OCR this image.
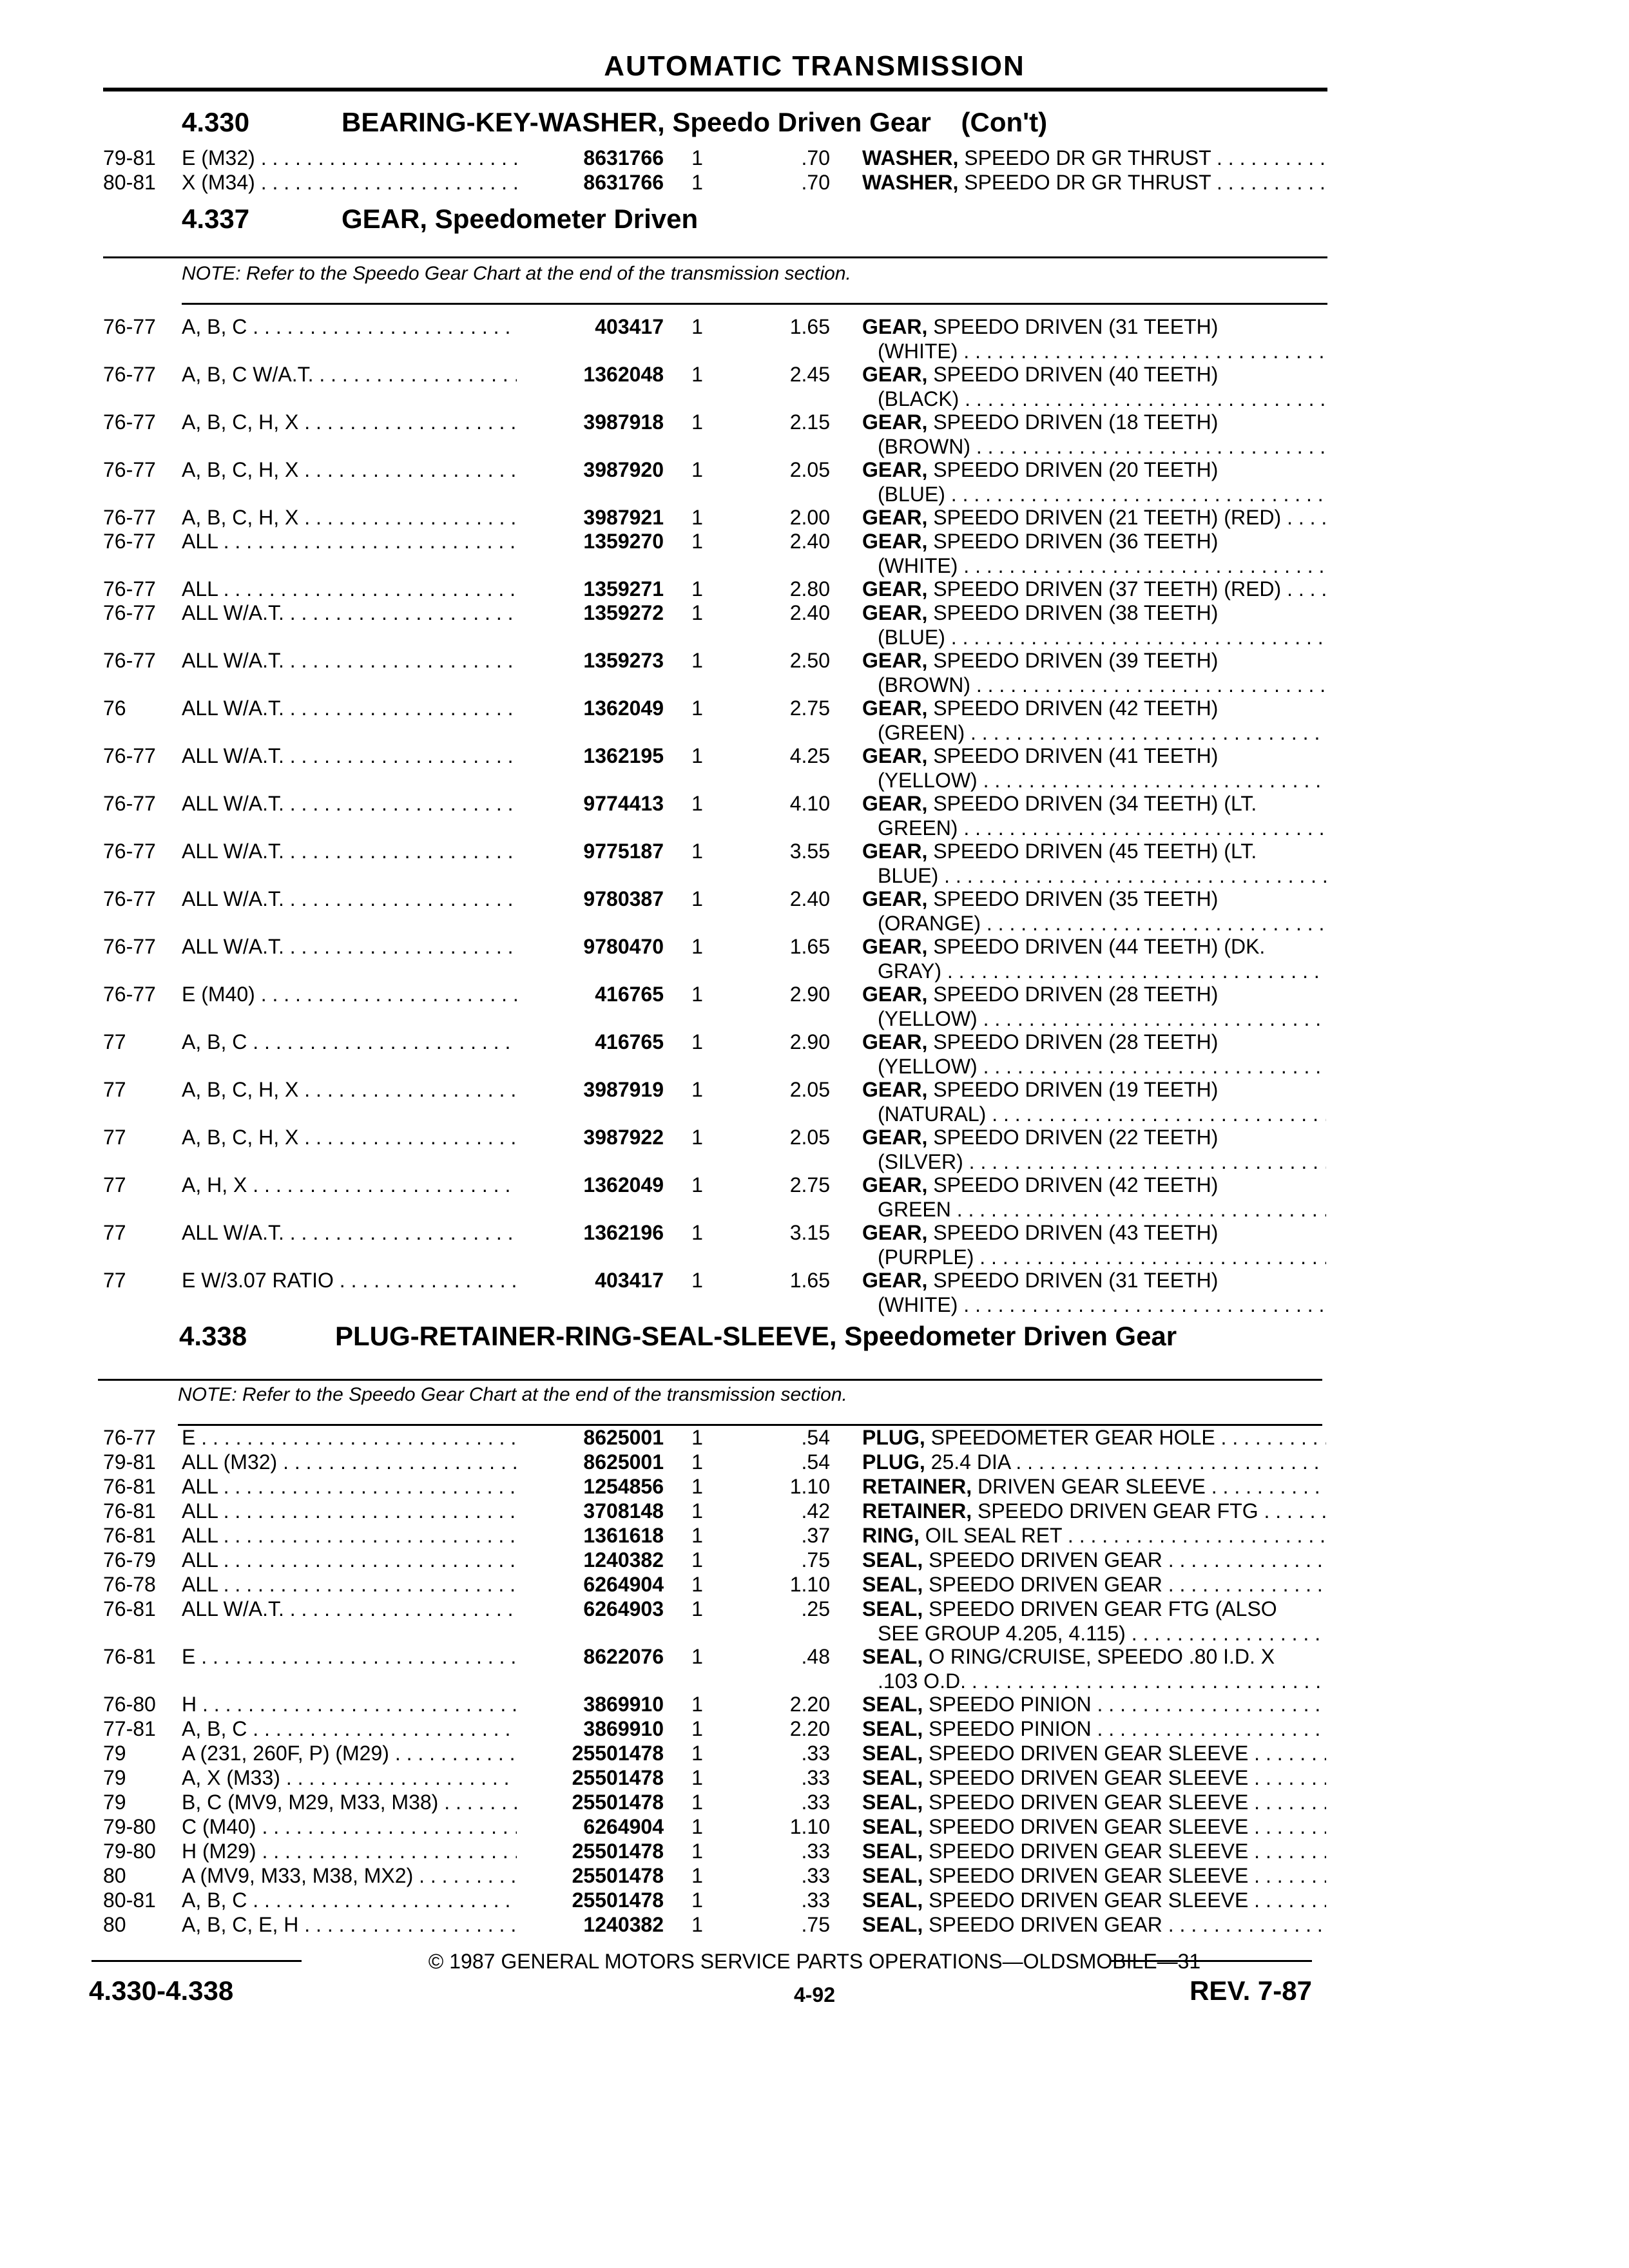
AUTOMATIC TRANSMISSION
4.330	BEARING-KEY-WASHER, Speedo Driven Gear (Con't)
79-81 E (M32) . . .	8631766	1	.70 WASHER, SPEEDO DR GR THRUST . . .
80-81 X (M34) . . .	8631766	1	.70 WASHER, SPEEDO DR GR THRUST . . .
4.337	GEAR, Speedometer Driven
NOTE: Refer to the Speedo Gear Chart at the end of the transmission section.
76-77 A, B, C . . .	403417	1	1.65 GEAR, SPEEDO DRIVEN (31 TEETH)
(WHITE) . . .
76-77 A, B, C W/A.T. . . .	1362048	1	2.45 GEAR, SPEEDO DRIVEN (40 TEETH)
(BLACK) . . .
76-77 A, B, C, H, X . . .	3987918	1	2.15 GEAR, SPEEDO DRIVEN (18 TEETH)
(BROWN) . . .
76-77 A, B, C, H, X . . .	3987920	1	2.05 GEAR, SPEEDO DRIVEN (20 TEETH)
(BLUE) . . .
76-77 A, B, C, H, X . . .	3987921	1	2.00 GEAR, SPEEDO DRIVEN (21 TEETH) (RED) . . .
76-77 ALL . . .	1359270	1	2.40 GEAR, SPEEDO DRIVEN (36 TEETH)
(WHITE) . . .
76-77 ALL . . .	1359271	1	2.80 GEAR, SPEEDO DRIVEN (37 TEETH) (RED) . . .
76-77 ALL W/A.T. . . .	1359272	1	2.40 GEAR, SPEEDO DRIVEN (38 TEETH)
(BLUE) . . .
76-77 ALL W/A.T. . . .	1359273	1	2.50 GEAR, SPEEDO DRIVEN (39 TEETH)
(BROWN) . . .
76	ALL W/A.T. . . .	1362049	1	2.75 GEAR, SPEEDO DRIVEN (42 TEETH)
(GREEN) . . .
76-77 ALL W/A.T. . . .	1362195	1	4.25 GEAR, SPEEDO DRIVEN (41 TEETH)
(YELLOW) . . .
76-77 ALL W/A.T. . . .	9774413	1	4.10 GEAR, SPEEDO DRIVEN (34 TEETH) (LT.
GREEN) . . .
76-77 ALL W/A.T. . . .	9775187	1	3.55 GEAR, SPEEDO DRIVEN (45 TEETH) (LT.
BLUE) . . .
76-77 ALL W/A.T. . . .	9780387	1	2.40 GEAR, SPEEDO DRIVEN (35 TEETH)
(ORANGE) . . .
76-77 ALL W/A.T. . . .	9780470	1	1.65 GEAR, SPEEDO DRIVEN (44 TEETH) (DK.
GRAY) . . .
76-77 E (M40) . . .	416765	1	2.90 GEAR, SPEEDO DRIVEN (28 TEETH)
(YELLOW) . . .
77	A, B, C . . .	416765	1	2.90 GEAR, SPEEDO DRIVEN (28 TEETH)
(YELLOW) . . .
77	A, B, C, H, X . . .	3987919	1	2.05 GEAR, SPEEDO DRIVEN (19 TEETH)
(NATURAL) . . .
77	A, B, C, H, X . . .	3987922	1	2.05 GEAR, SPEEDO DRIVEN (22 TEETH)
(SILVER) . . .
77	A, H, X . . .	1362049	1	2.75 GEAR, SPEEDO DRIVEN (42 TEETH)
GREEN . . .
77	ALL W/A.T. . . .	1362196	1	3.15 GEAR, SPEEDO DRIVEN (43 TEETH)
(PURPLE) . . .
77	E W/3.07 RATIO . . .	403417	1	1.65 GEAR, SPEEDO DRIVEN (31 TEETH)
(WHITE) . . .
4.338	PLUG-RETAINER-RING-SEAL-SLEEVE, Speedometer Driven Gear
NOTE: Refer to the Speedo Gear Chart at the end of the transmission section.
76-77 E . . .	8625001	1	.54 PLUG, SPEEDOMETER GEAR HOLE . . .
79-81 ALL (M32) . . .	8625001	1	.54 PLUG, 25.4 DIA . . .
76-81 ALL . . .	1254856	1	1.10 RETAINER, DRIVEN GEAR SLEEVE . . .
76-81 ALL . . .	3708148	1	.42 RETAINER, SPEEDO DRIVEN GEAR FTG . . .
76-81 ALL . . .	1361618	1	.37 RING, OIL SEAL RET . . .
76-79 ALL . . .	1240382	1	.75 SEAL, SPEEDO DRIVEN GEAR . . .
76-78 ALL . . .	6264904	1	1.10 SEAL, SPEEDO DRIVEN GEAR . . .
76-81 ALL W/A.T. . . .	6264903	1	.25 SEAL, SPEEDO DRIVEN GEAR FTG (ALSO
SEE GROUP 4.205, 4.115) . . .
76-81 E . . .	8622076	1	.48 SEAL, O RING/CRUISE, SPEEDO .80 I.D. X
.103 O.D. . . .
76-80 H . . .	3869910	1	2.20 SEAL, SPEEDO PINION . . .
77-81 A, B, C . . .	3869910	1	2.20 SEAL, SPEEDO PINION . . .
79	A (231, 260F, P) (M29) . . .	25501478	1	.33 SEAL, SPEEDO DRIVEN GEAR SLEEVE . . .
79	A, X (M33) . . .	25501478	1	.33 SEAL, SPEEDO DRIVEN GEAR SLEEVE . . .
79	B, C (MV9, M29, M33, M38) . . .	25501478	1	.33 SEAL, SPEEDO DRIVEN GEAR SLEEVE . . .
79-80 C (M40) . . .	6264904	1	1.10 SEAL, SPEEDO DRIVEN GEAR SLEEVE . . .
79-80 H (M29) . . .	25501478	1	.33 SEAL, SPEEDO DRIVEN GEAR SLEEVE . . .
80	A (MV9, M33, M38, MX2) . . .	25501478	1	.33 SEAL, SPEEDO DRIVEN GEAR SLEEVE . . .
80-81 A, B, C . . .	25501478	1	.33 SEAL, SPEEDO DRIVEN GEAR SLEEVE . . .
80	A, B, C, E, H . . .	1240382	1	.75 SEAL, SPEEDO DRIVEN GEAR . . .
© 1987 GENERAL MOTORS SERVICE PARTS OPERATIONS—OLDSMOBILE—31
4.330-4.338	4-92	REV. 7-87
